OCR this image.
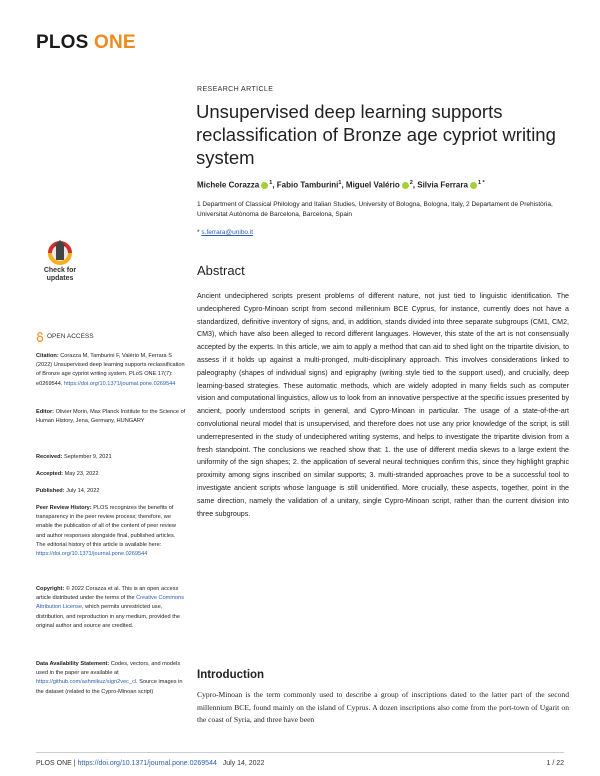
PLOS ONE
RESEARCH ARTICLE
Unsupervised deep learning supports reclassification of Bronze age cypriot writing system
Michele Corazza $^1$, Fabio Tamburini$^1$, Miguel Valério $^2$, Silvia Ferrara $^{1 *}$
1 Department of Classical Philology and Italian Studies, University of Bologna, Bologna, Italy, 2 Departament de Prehistòria, Universitat Autònoma de Barcelona, Barcelona, Spain
* s.ferrara@unibo.it
Check for
updates
OPEN ACCESS
Citation: Corazza M, Tamburini F, Valério M, Ferrara S (2022) Unsupervised deep learning supports reclassification of Bronze age cypriot writing system. PLoS ONE 17(7): e0269544. https://doi.org/10.1371/journal.pone.0269544
Editor: Olivier Morin, Max Planck Institute for the Science of Human History, Jena, Germany, HUNGARY
Received: September 9, 2021
Accepted: May 23, 2022
Published: July 14, 2022
Peer Review History: PLOS recognizes the benefits of transparency in the peer review process; therefore, we enable the publication of all of the content of peer review and author responses alongside final, published articles. The editorial history of this article is available here: https://doi.org/10.1371/journal.pone.0269544
Copyright: © 2022 Corazza et al. This is an open access article distributed under the terms of the Creative Commons Attribution License, which permits unrestricted use, distribution, and reproduction in any medium, provided the original author and source are credited.
Data Availability Statement: Codes, vectors, and models used in the paper are available at https://github.com/ashmikuz/sign2vec_cl. Source images in the dataset (related to the Cypro-Minoan script)
Abstract
Ancient undeciphered scripts present problems of different nature, not just tied to linguistic identification. The undeciphered Cypro-Minoan script from second millennium BCE Cyprus, for instance, currently does not have a standardized, definitive inventory of signs, and, in addition, stands divided into three separate subgroups (CM1, CM2, CM3), which have also been alleged to record different languages. However, this state of the art is not consensually accepted by the experts. In this article, we aim to apply a method that can aid to shed light on the tripartite division, to assess if it holds up against a multi-pronged, multi-disciplinary approach. This involves considerations linked to paleography (shapes of individual signs) and epigraphy (writing style tied to the support used), and crucially, deep learning-based strategies. These automatic methods, which are widely adopted in many fields such as computer vision and computational linguistics, allow us to look from an innovative perspective at the specific issues presented by ancient, poorly understood scripts in general, and Cypro-Minoan in particular. The usage of a state-of-the-art convolutional neural model that is unsupervised, and therefore does not use any prior knowledge of the script, is still underrepresented in the study of undeciphered writing systems, and helps to investigate the tripartite division from a fresh standpoint. The conclusions we reached show that: 1. the use of different media skews to a large extent the uniformity of the sign shapes; 2. the application of several neural techniques confirm this, since they highlight graphic proximity among signs inscribed on similar supports; 3. multi-stranded approaches prove to be a successful tool to investigate ancient scripts whose language is still unidentified. More crucially, these aspects, together, point in the same direction, namely the validation of a unitary, single Cypro-Minoan script, rather than the current division into three subgroups.
Introduction
Cypro-Minoan is the term commonly used to describe a group of inscriptions dated to the latter part of the second millennium BCE, found mainly on the island of Cyprus. A dozen inscriptions also come from the port-town of Ugarit on the coast of Syria, and three have been
PLOS ONE | https://doi.org/10.1371/journal.pone.0269544 July 14, 2022	1 / 22
